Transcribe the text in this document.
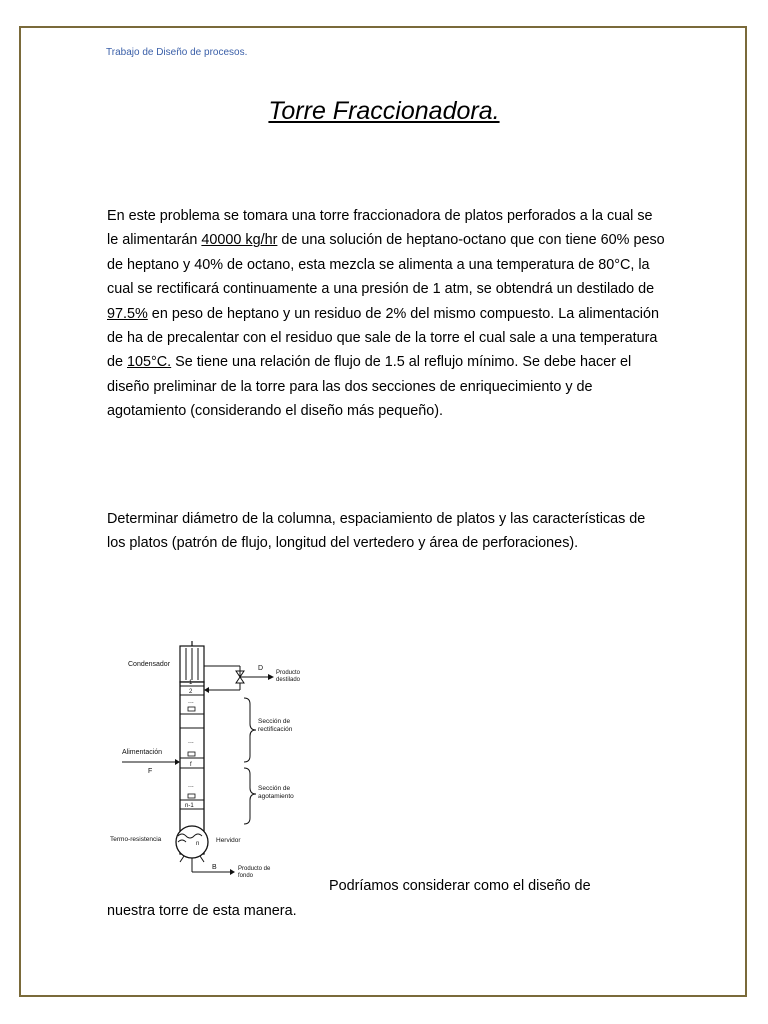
Trabajo de Diseño de procesos.
Torre Fraccionadora.
En este problema se tomara una torre fraccionadora de platos perforados a la cual se le alimentarán 40000 kg/hr de una solución de heptano-octano que con tiene 60% peso de heptano y 40% de octano, esta mezcla se alimenta a una temperatura de 80°C, la cual se rectificará continuamente a una presión de 1 atm, se obtendrá un destilado de 97.5% en peso de heptano y un residuo de 2% del mismo compuesto. La alimentación de ha de precalentar con el residuo que sale de la torre el cual sale a una temperatura de 105°C. Se tiene una relación de flujo de 1.5 al reflujo mínimo. Se debe hacer el diseño preliminar de la torre para las dos secciones de enriquecimiento y de agotamiento (considerando el diseño más pequeño).
Determinar diámetro de la columna, espaciamiento de platos y las características de los platos (patrón de flujo, longitud del vertedero y área de perforaciones).
Condensador
D
Producto
destilado
1
2
...
...
f
...
n-1
Alimentación
F
Sección de
rectificación
Sección de
agotamiento
n
B	Producto de
fondo
Termo-resistencia	Hervidor
Podríamos considerar como el diseño de
nuestra torre de esta manera.
